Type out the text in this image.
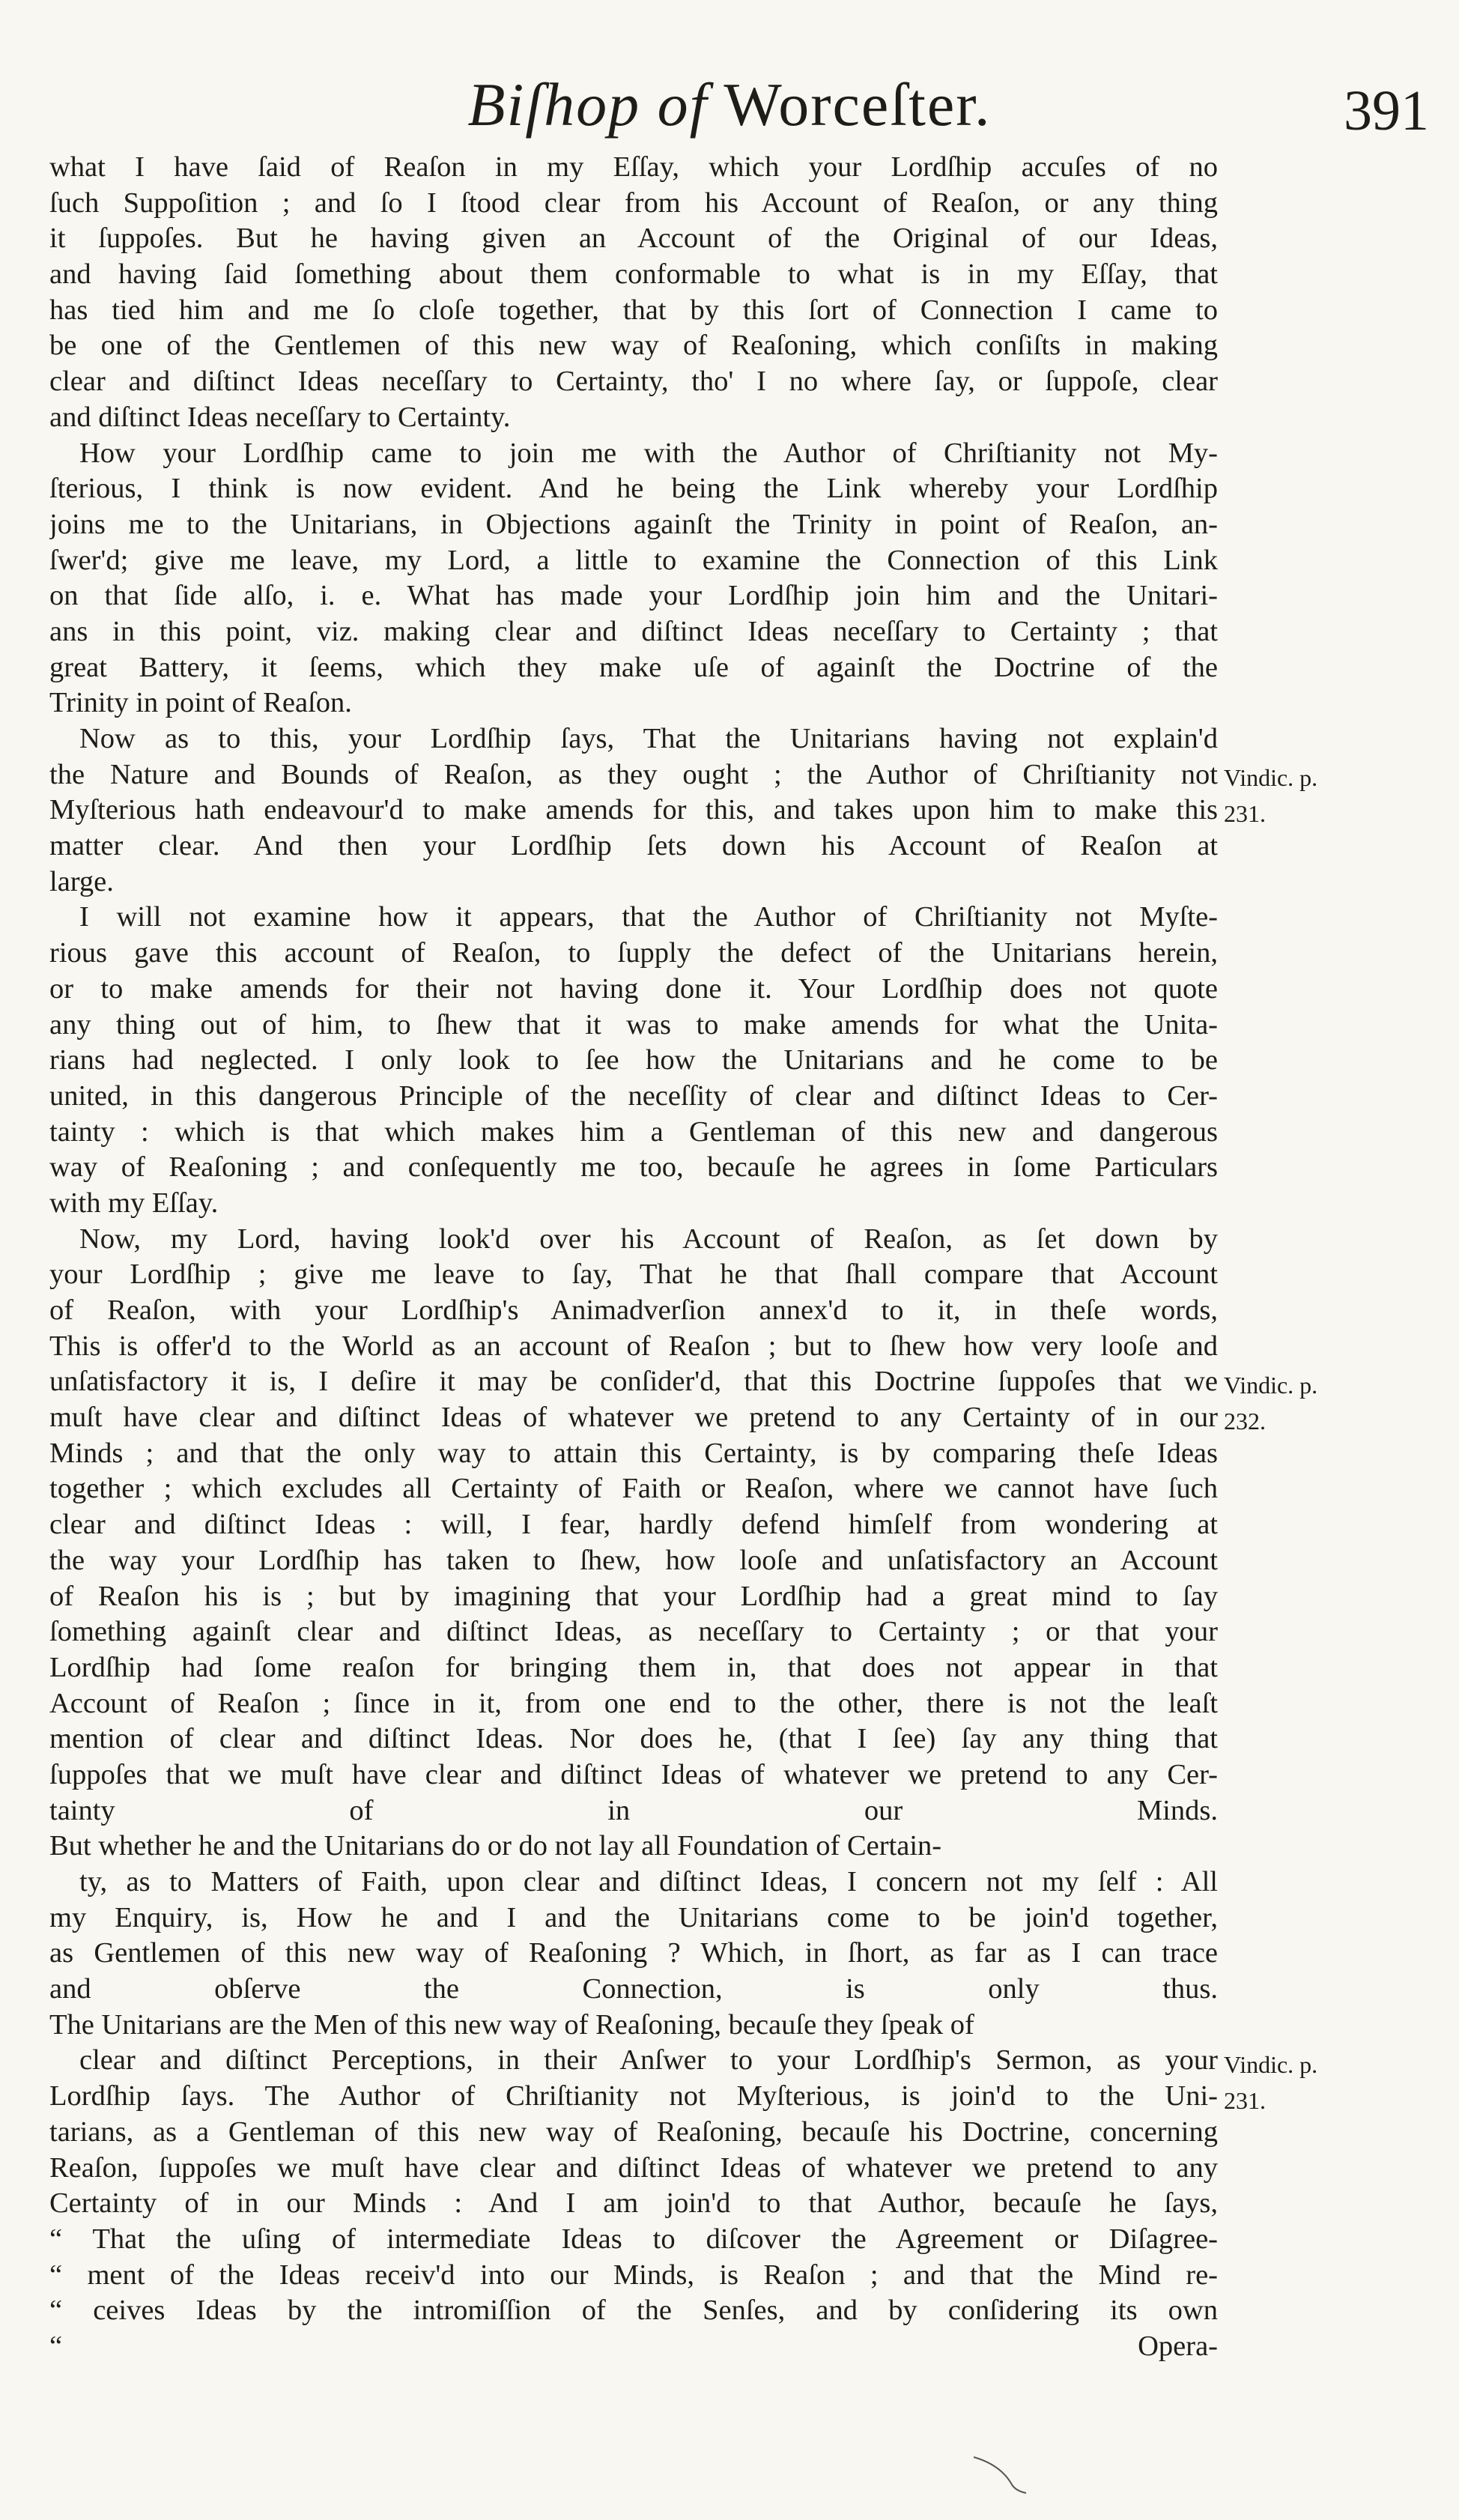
Biſhop of Worceſter.	391
what I have ſaid of Reaſon in my Eſſay, which your Lordſhip accuſes of no
ſuch Suppoſition ; and ſo I ſtood clear from his Account of Reaſon, or any thing
it ſuppoſes. But he having given an Account of the Original of our Ideas,
and having ſaid ſomething about them conformable to what is in my Eſſay, that
has tied him and me ſo cloſe together, that by this ſort of Connection I came to
be one of the Gentlemen of this new way of Reaſoning, which conſiſts in making
clear and diſtinct Ideas neceſſary to Certainty, tho' I no where ſay, or ſuppoſe, clear
and diſtinct Ideas neceſſary to Certainty.
How your Lordſhip came to join me with the Author of Chriſtianity not My-
ſterious, I think is now evident. And he being the Link whereby your Lordſhip
joins me to the Unitarians, in Objections againſt the Trinity in point of Reaſon, an-
ſwer'd; give me leave, my Lord, a little to examine the Connection of this Link
on that ſide alſo, i. e. What has made your Lordſhip join him and the Unitari-
ans in this point, viz. making clear and diſtinct Ideas neceſſary to Certainty ; that
great Battery, it ſeems, which they make uſe of againſt the Doctrine of the
Trinity in point of Reaſon.
Now as to this, your Lordſhip ſays, That the Unitarians having not explain'd
the Nature and Bounds of Reaſon, as they ought ; the Author of Chriſtianity not
Myſterious hath endeavour'd to make amends for this, and takes upon him to make this
matter clear. And then your Lordſhip ſets down his Account of Reaſon at
large.
I will not examine how it appears, that the Author of Chriſtianity not Myſte-
rious gave this account of Reaſon, to ſupply the defect of the Unitarians herein,
or to make amends for their not having done it. Your Lordſhip does not quote
any thing out of him, to ſhew that it was to make amends for what the Unita-
rians had neglected. I only look to ſee how the Unitarians and he come to be
united, in this dangerous Principle of the neceſſity of clear and diſtinct Ideas to Cer-
tainty : which is that which makes him a Gentleman of this new and dangerous
way of Reaſoning ; and conſequently me too, becauſe he agrees in ſome Particulars
with my Eſſay.
Now, my Lord, having look'd over his Account of Reaſon, as ſet down by
your Lordſhip ; give me leave to ſay, That he that ſhall compare that Account
of Reaſon, with your Lordſhip's Animadverſion annex'd to it, in theſe words,
This is offer'd to the World as an account of Reaſon ; but to ſhew how very looſe and
unſatisfactory it is, I deſire it may be conſider'd, that this Doctrine ſuppoſes that we
muſt have clear and diſtinct Ideas of whatever we pretend to any Certainty of in our
Minds ; and that the only way to attain this Certainty, is by comparing theſe Ideas
together ; which excludes all Certainty of Faith or Reaſon, where we cannot have ſuch
clear and diſtinct Ideas : will, I fear, hardly defend himſelf from wondering at
the way your Lordſhip has taken to ſhew, how looſe and unſatisfactory an Account
of Reaſon his is ; but by imagining that your Lordſhip had a great mind to ſay
ſomething againſt clear and diſtinct Ideas, as neceſſary to Certainty ; or that your
Lordſhip had ſome reaſon for bringing them in, that does not appear in that
Account of Reaſon ; ſince in it, from one end to the other, there is not the leaſt
mention of clear and diſtinct Ideas. Nor does he, (that I ſee) ſay any thing that
ſuppoſes that we muſt have clear and diſtinct Ideas of whatever we pretend to any Cer-
tainty of in our Minds.
But whether he and the Unitarians do or do not lay all Foundation of Certain-
ty, as to Matters of Faith, upon clear and diſtinct Ideas, I concern not my ſelf : All
my Enquiry, is, How he and I and the Unitarians come to be join'd together,
as Gentlemen of this new way of Reaſoning ? Which, in ſhort, as far as I can trace
and obſerve the Connection, is only thus.
The Unitarians are the Men of this new way of Reaſoning, becauſe they ſpeak of
clear and diſtinct Perceptions, in their Anſwer to your Lordſhip's Sermon, as your
Lordſhip ſays. The Author of Chriſtianity not Myſterious, is join'd to the Uni-
tarians, as a Gentleman of this new way of Reaſoning, becauſe his Doctrine, concerning
Reaſon, ſuppoſes we muſt have clear and diſtinct Ideas of whatever we pretend to any
Certainty of in our Minds : And I am join'd to that Author, becauſe he ſays,
“ That the uſing of intermediate Ideas to diſcover the Agreement or Diſagree-
“ ment of the Ideas receiv'd into our Minds, is Reaſon ; and that the Mind re-
“ ceives Ideas by the intromiſſion of the Senſes, and by conſidering its own
“ Opera-
Vindic. p.
231.
Vindic. p.
232.
Vindic. p.
231.
